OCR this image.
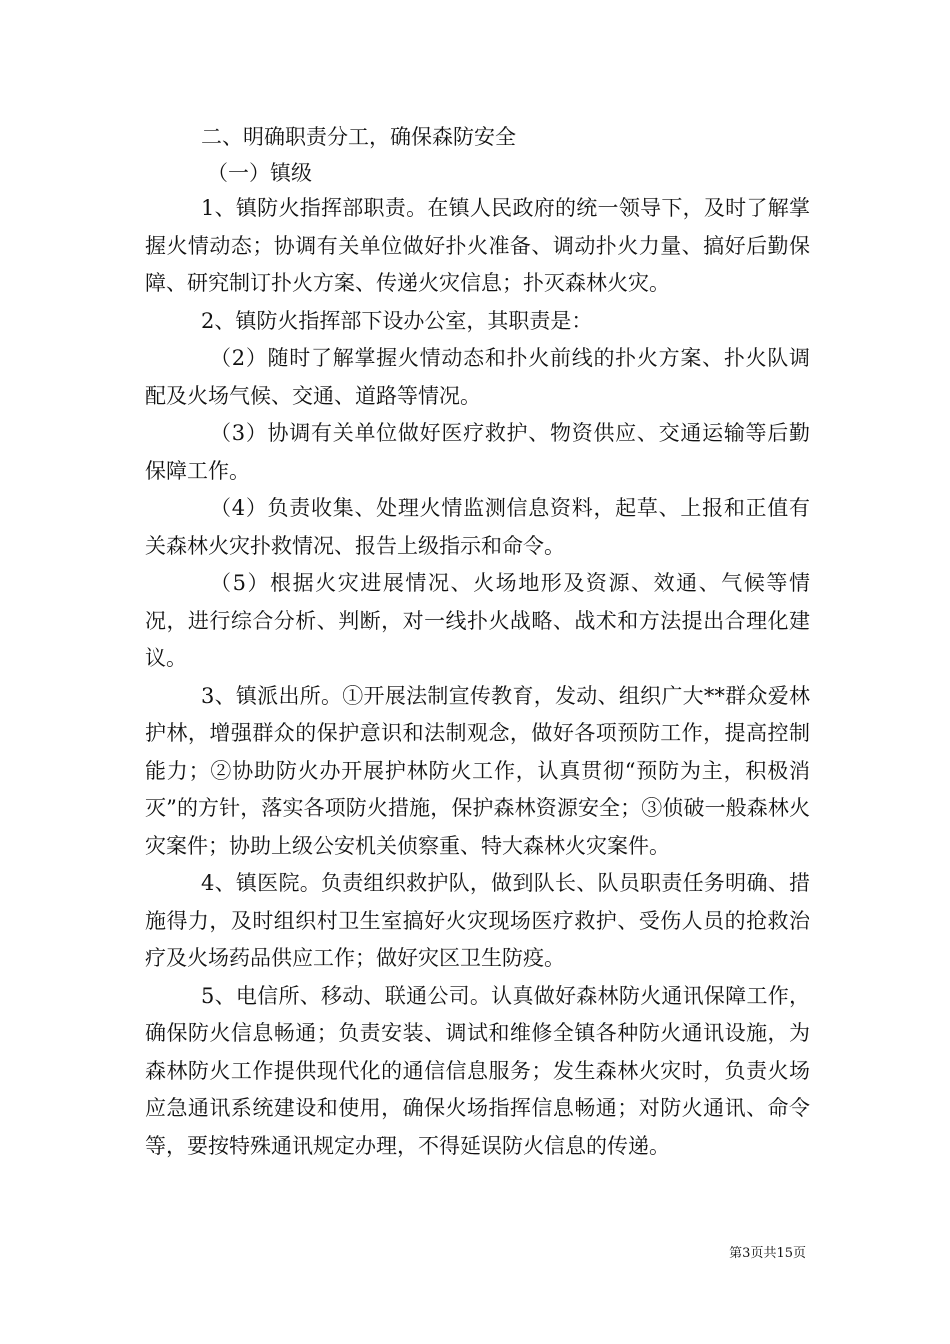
二、明确职责分工，确保森防安全

（一）镇级

1、镇防火指挥部职责。在镇人民政府的统一领导下，及时了解掌握火情动态；协调有关单位做好扑火准备、调动扑火力量、搞好后勤保障、研究制订扑火方案、传递火灾信息；扑灭森林火灾。

2、镇防火指挥部下设办公室，其职责是：

（2）随时了解掌握火情动态和扑火前线的扑火方案、扑火队调配及火场气候、交通、道路等情况。

（3）协调有关单位做好医疗救护、物资供应、交通运输等后勤保障工作。

（4）负责收集、处理火情监测信息资料，起草、上报和正值有关森林火灾扑救情况、报告上级指示和命令。

（5）根据火灾进展情况、火场地形及资源、效通、气候等情况，进行综合分析、判断，对一线扑火战略、战术和方法提出合理化建议。

3、镇派出所。①开展法制宣传教育，发动、组织广大**群众爱林护林，增强群众的保护意识和法制观念，做好各项预防工作，提高控制能力；②协助防火办开展护林防火工作，认真贯彻“预防为主，积极消灭”的方针，落实各项防火措施，保护森林资源安全；③侦破一般森林火灾案件；协助上级公安机关侦察重、特大森林火灾案件。

4、镇医院。负责组织救护队，做到队长、队员职责任务明确、措施得力，及时组织村卫生室搞好火灾现场医疗救护、受伤人员的抢救治疗及火场药品供应工作；做好灾区卫生防疫。

5、电信所、移动、联通公司。认真做好森林防火通讯保障工作，确保防火信息畅通；负责安装、调试和维修全镇各种防火通讯设施，为森林防火工作提供现代化的通信信息服务；发生森林火灾时，负责火场应急通讯系统建设和使用，确保火场指挥信息畅通；对防火通讯、命令等，要按特殊通讯规定办理，不得延误防火信息的传递。

第3页共15页
